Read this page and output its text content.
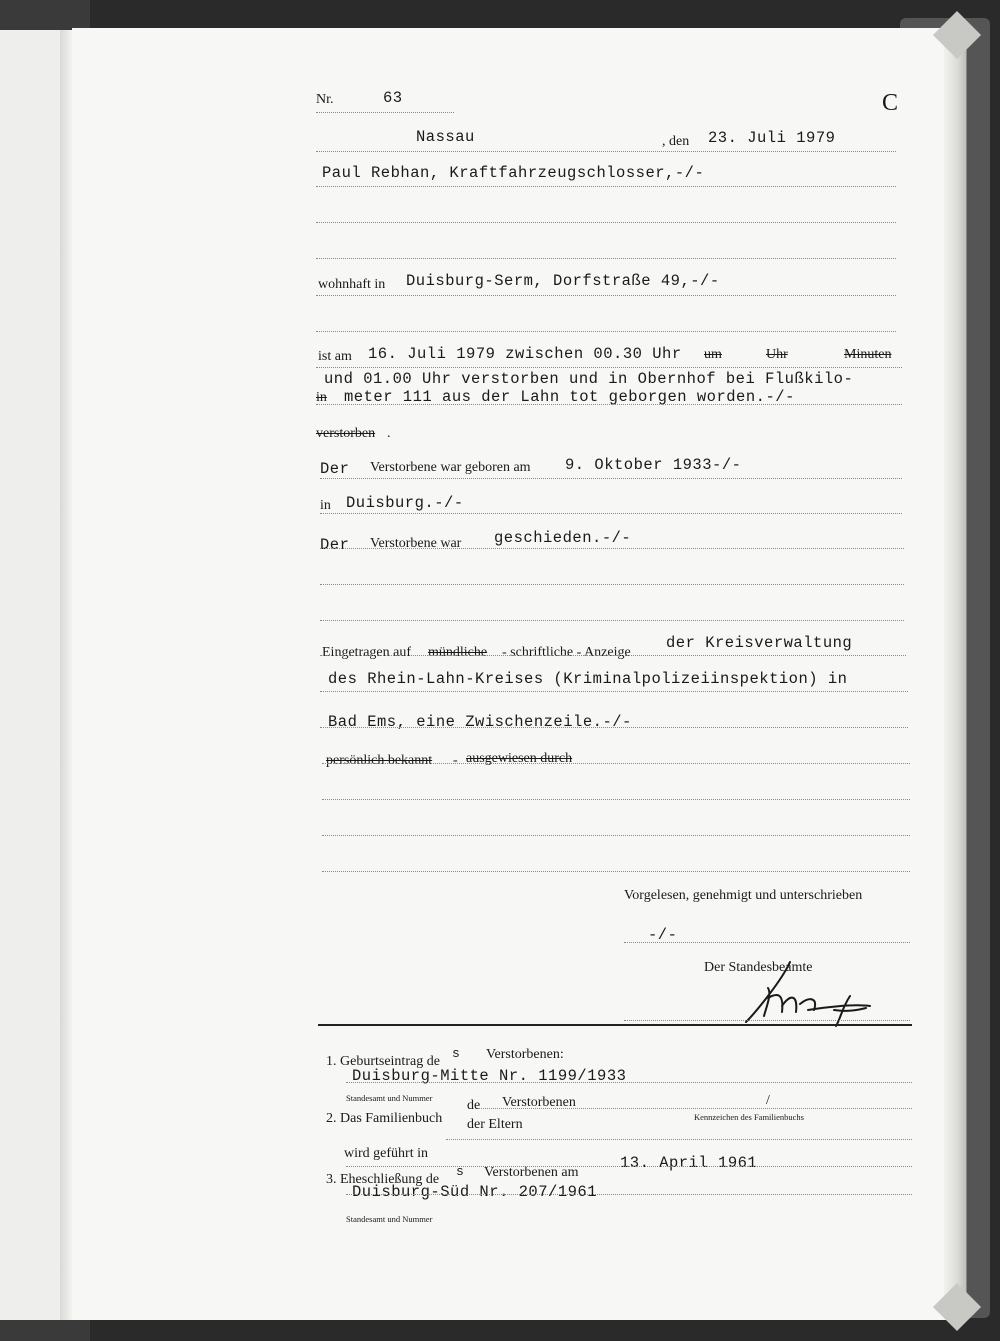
Nr.	63	C
Nassau	, den 23. Juli 1979
Paul Rebhan, Kraftfahrzeugschlosser,-/-
wohnhaft in Duisburg-Serm, Dorfstraße 49,-/-
ist am 16. Juli 1979 zwischen 00.30 Uhr um	Uhr	Minuten
und 01.00 Uhr verstorben und in Obernhof bei Flußkilo-
in meter 111 aus der Lahn tot geborgen worden.-/-
verstorben .
Der Verstorbene war geboren am 9. Oktober 1933-/-
in Duisburg.-/-
Der Verstorbene war geschieden.-/-
Eingetragen auf mündliche - schriftliche - Anzeige
der Kreisverwaltung
des Rhein-Lahn-Kreises (Kriminalpolizeiinspektion) in
Bad Ems, eine Zwischenzeile.-/-
persönlich bekannt - ausgewiesen durch
Vorgelesen, genehmigt und unterschrieben
-/-
Der Standesbeamte
1. Geburtseintrag de
s Verstorbenen:
Duisburg-Mitte Nr. 1199/1933
Standesamt und Nummer
2. Das Familienbuch
de Verstorbenen
der Eltern
/
Kennzeichen des Familienbuchs
wird geführt in
3. Eheschließung de
s Verstorbenen am
13. April 1961
Duisburg-Süd Nr. 207/1961
Standesamt und Nummer
